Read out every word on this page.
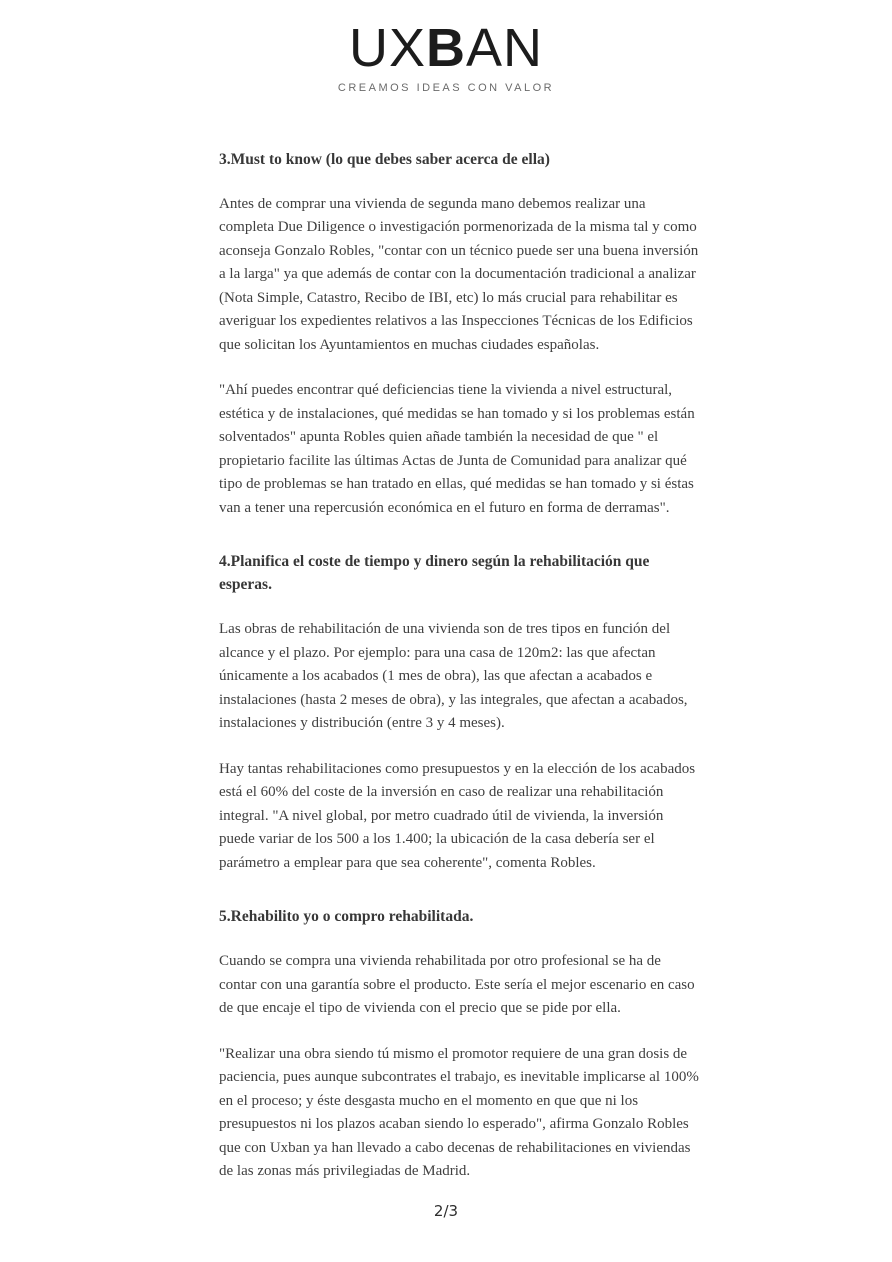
UXBAN
CREAMOS IDEAS CON VALOR
3.Must to know (lo que debes saber acerca de ella)

Antes de comprar una vivienda de segunda mano debemos realizar una completa Due Diligence o investigación pormenorizada de la misma tal y como aconseja Gonzalo Robles, "contar con un técnico puede ser una buena inversión a la larga" ya que además de contar con la documentación tradicional a analizar (Nota Simple, Catastro, Recibo de IBI, etc) lo más crucial para rehabilitar es averiguar los expedientes relativos a las Inspecciones Técnicas de los Edificios que solicitan los Ayuntamientos en muchas ciudades españolas.

"Ahí puedes encontrar qué deficiencias tiene la vivienda a nivel estructural, estética y de instalaciones, qué medidas se han tomado y si los problemas están solventados" apunta Robles quien añade también la necesidad de que " el propietario facilite las últimas Actas de Junta de Comunidad para analizar qué tipo de problemas se han tratado en ellas, qué medidas se han tomado y si éstas van a tener una repercusión económica en el futuro en forma de derramas".

4.Planifica el coste de tiempo y dinero según la rehabilitación que esperas.

Las obras de rehabilitación de una vivienda son de tres tipos en función del alcance y el plazo. Por ejemplo: para una casa de 120m2: las que afectan únicamente a los acabados (1 mes de obra), las que afectan a acabados e instalaciones (hasta 2 meses de obra), y las integrales, que afectan a acabados, instalaciones y distribución (entre 3 y 4 meses).

Hay tantas rehabilitaciones como presupuestos y en la elección de los acabados está el 60% del coste de la inversión en caso de realizar una rehabilitación integral. "A nivel global, por metro cuadrado útil de vivienda, la inversión puede variar de los 500 a los 1.400; la ubicación de la casa debería ser el parámetro a emplear para que sea coherente", comenta Robles.

5.Rehabilito yo o compro rehabilitada.

Cuando se compra una vivienda rehabilitada por otro profesional se ha de contar con una garantía sobre el producto. Este sería el mejor escenario en caso de que encaje el tipo de vivienda con el precio que se pide por ella.

"Realizar una obra siendo tú mismo el promotor requiere de una gran dosis de paciencia, pues aunque subcontrates el trabajo, es inevitable implicarse al 100% en el proceso; y éste desgasta mucho en el momento en que que ni los presupuestos ni los plazos acaban siendo lo esperado", afirma Gonzalo Robles que con Uxban ya han llevado a cabo decenas de rehabilitaciones en viviendas de las zonas más privilegiadas de Madrid.

2/3
